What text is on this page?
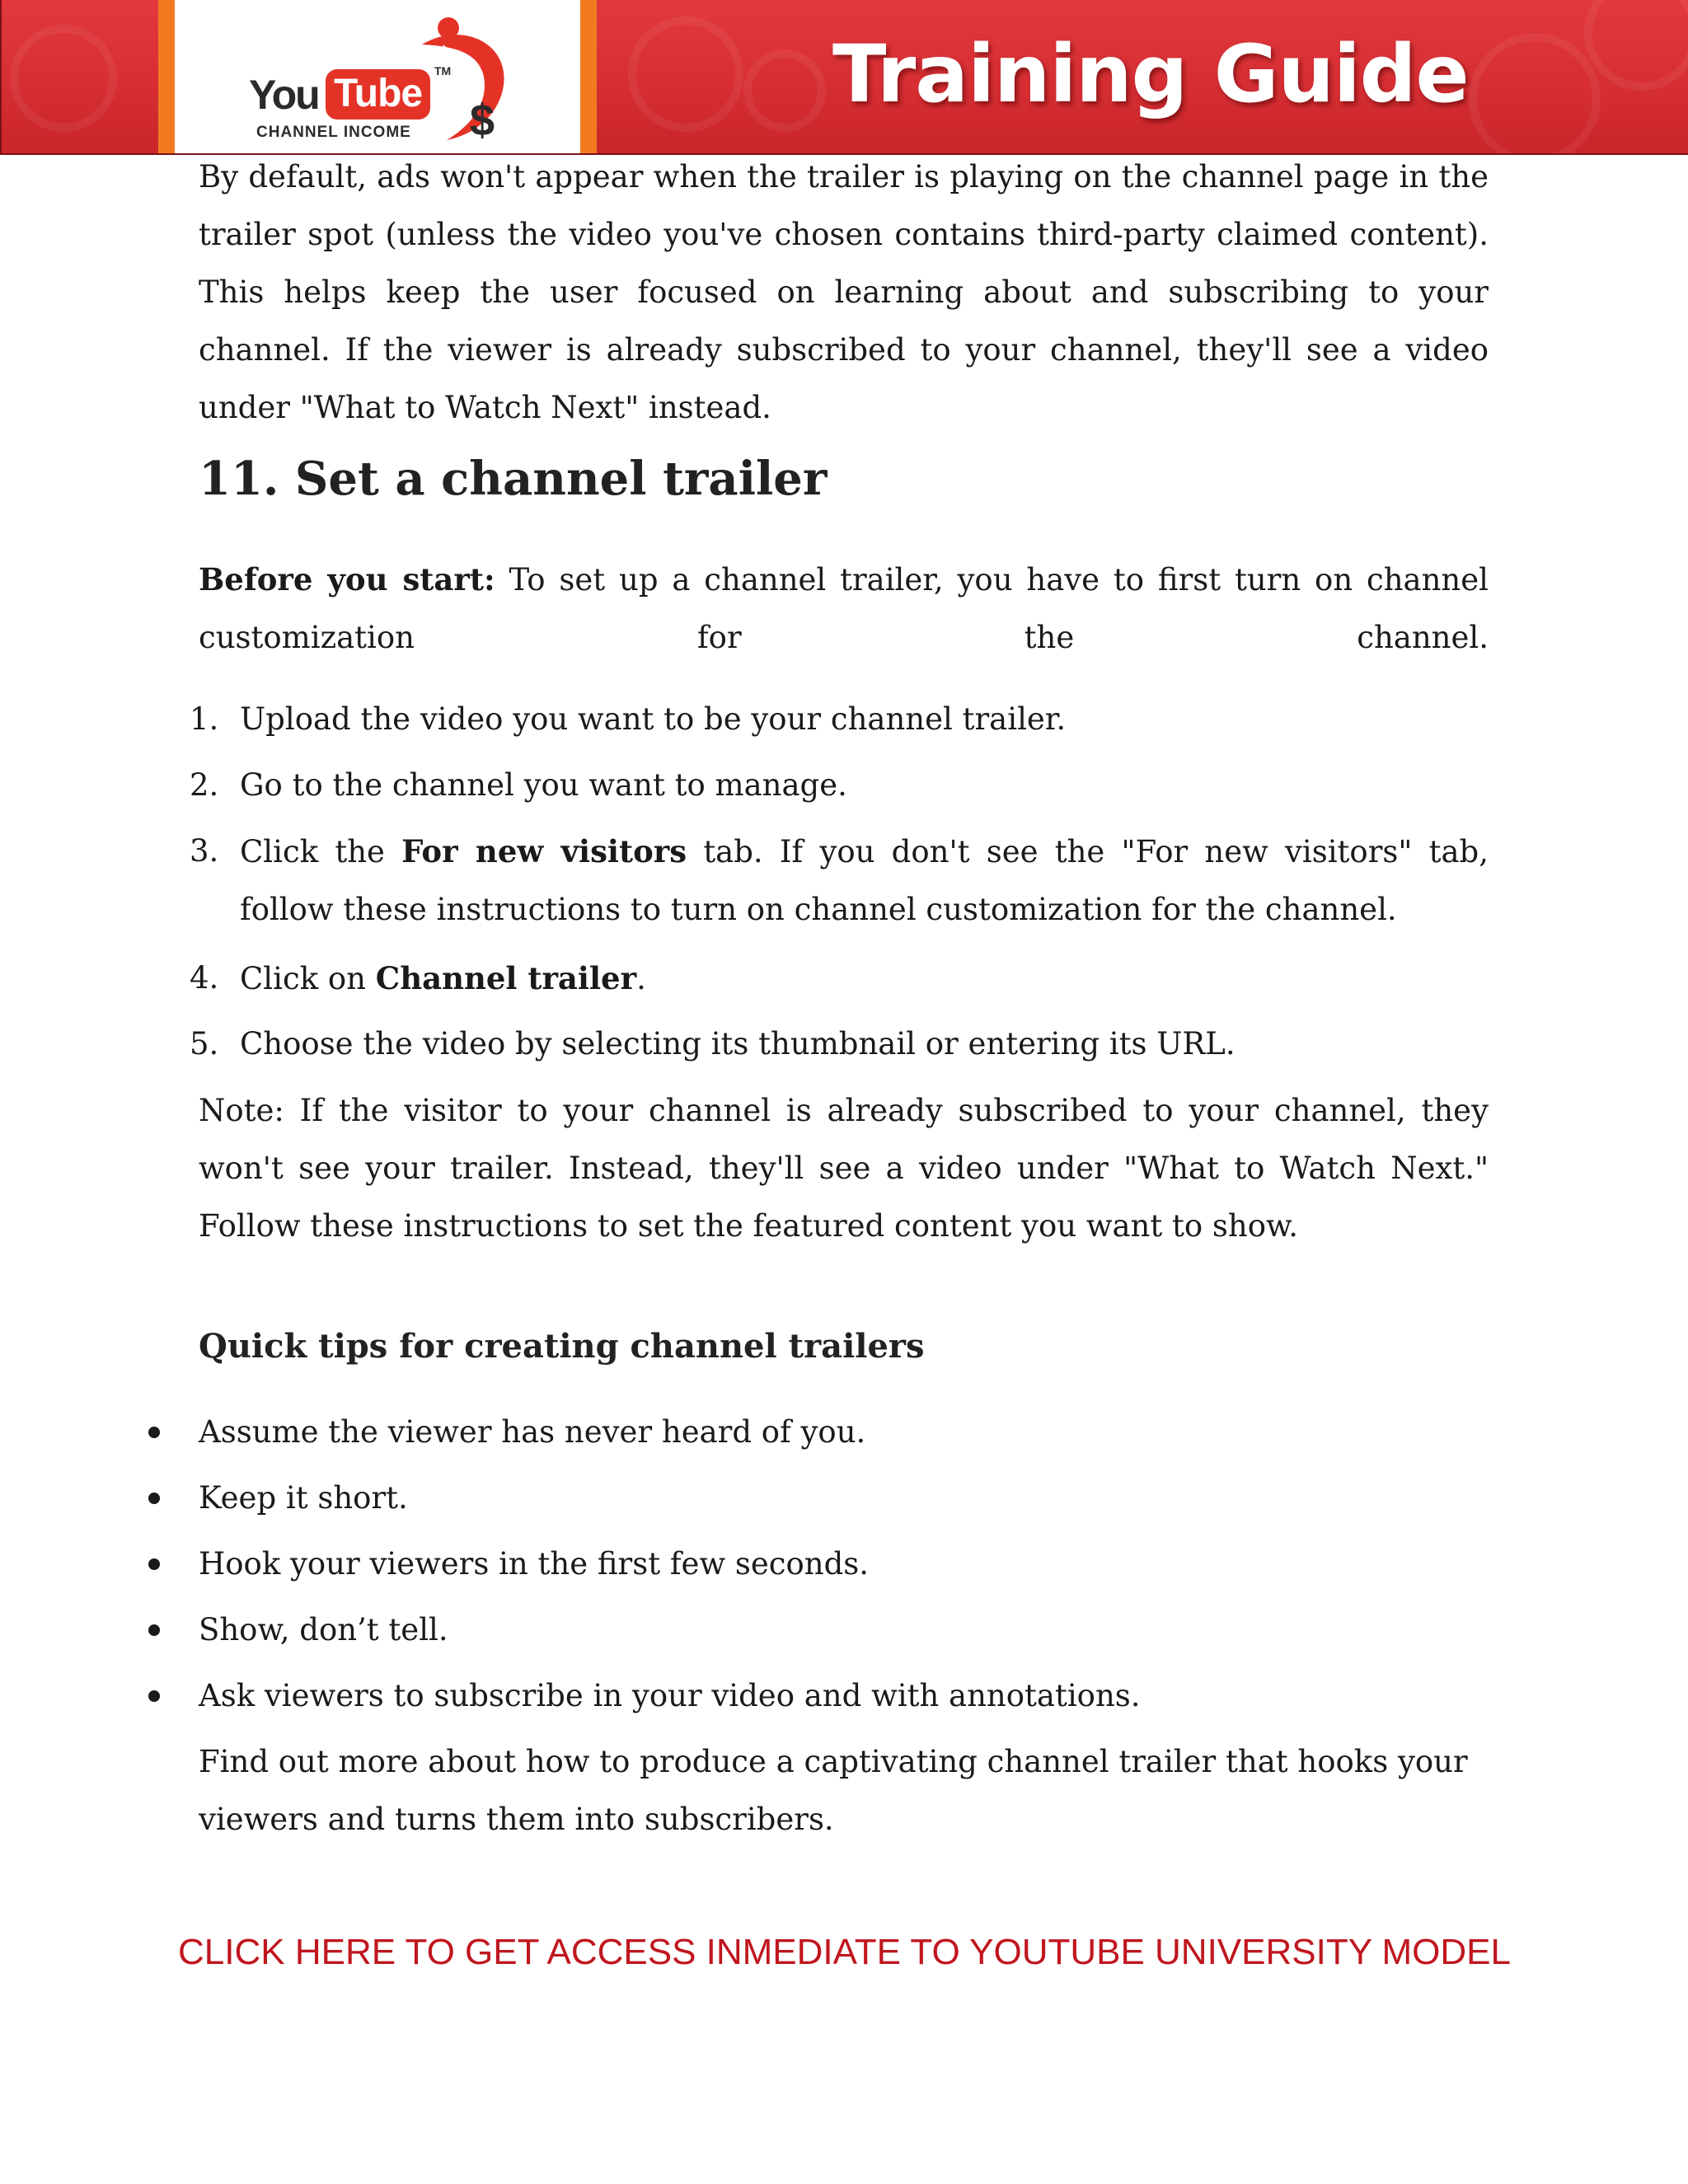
$
You Tube
TM
CHANNEL INCOME
Training Guide

By default, ads won't appear when the trailer is playing on the channel page in the trailer spot (unless the video you've chosen contains third-party claimed content). This helps keep the user focused on learning about and subscribing to your channel. If the viewer is already subscribed to your channel, they'll see a video under "What to Watch Next" instead.

11. Set a channel trailer

Before you start: To set up a channel trailer, you have to first turn on channel customization for the channel.

1. Upload the video you want to be your channel trailer.

2. Go to the channel you want to manage.

3. Click the For new visitors tab. If you don't see the "For new visitors" tab, follow these instructions to turn on channel customization for the channel.

4. Click on Channel trailer.

5. Choose the video by selecting its thumbnail or entering its URL.

Note: If the visitor to your channel is already subscribed to your channel, they won't see your trailer. Instead, they'll see a video under "What to Watch Next." Follow these instructions to set the featured content you want to show.

Quick tips for creating channel trailers

Assume the viewer has never heard of you.

Keep it short.

Hook your viewers in the first few seconds.

Show, don’t tell.

Ask viewers to subscribe in your video and with annotations.

Find out more about how to produce a captivating channel trailer that hooks your viewers and turns them into subscribers.

CLICK HERE TO GET ACCESS INMEDIATE TO YOUTUBE UNIVERSITY MODEL
